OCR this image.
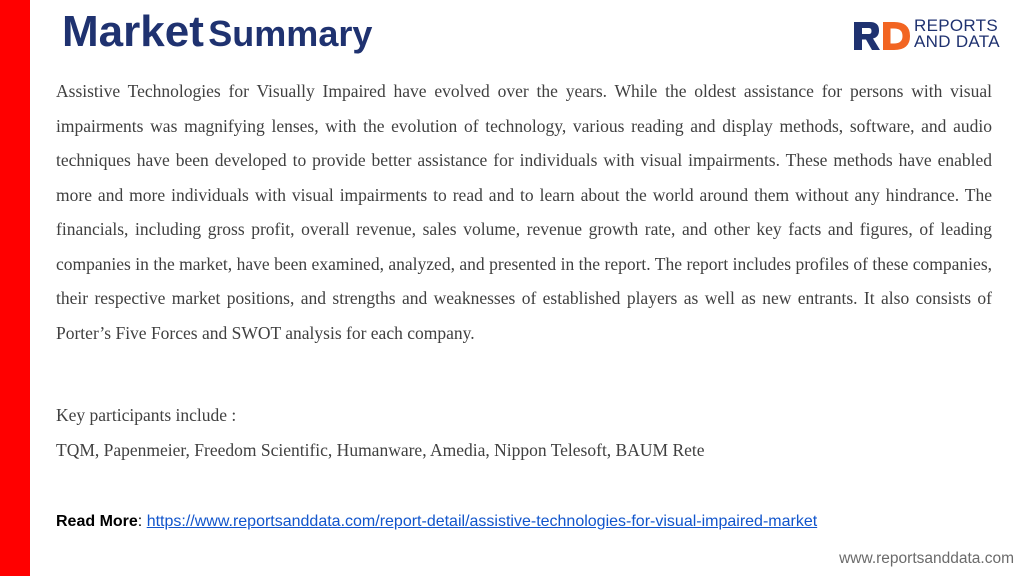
Market Summary	REPORTS
AND DATA

Assistive Technologies for Visually Impaired have evolved over the years. While the oldest assistance for persons with visual impairments was magnifying lenses, with the evolution of technology, various reading and display methods, software, and audio techniques have been developed to provide better assistance for individuals with visual impairments. These methods have enabled more and more individuals with visual impairments to read and to learn about the world around them without any hindrance. The financials, including gross profit, overall revenue, sales volume, revenue growth rate, and other key facts and figures, of leading companies in the market, have been examined, analyzed, and presented in the report. The report includes profiles of these companies, their respective market positions, and strengths and weaknesses of established players as well as new entrants. It also consists of Porter’s Five Forces and SWOT analysis for each company.

Key participants include :
TQM, Papenmeier, Freedom Scientific, Humanware, Amedia, Nippon Telesoft, BAUM Rete
Read More: https://www.reportsanddata.com/report-detail/assistive-technologies-for-visual-impaired-market
www.reportsanddata.com
